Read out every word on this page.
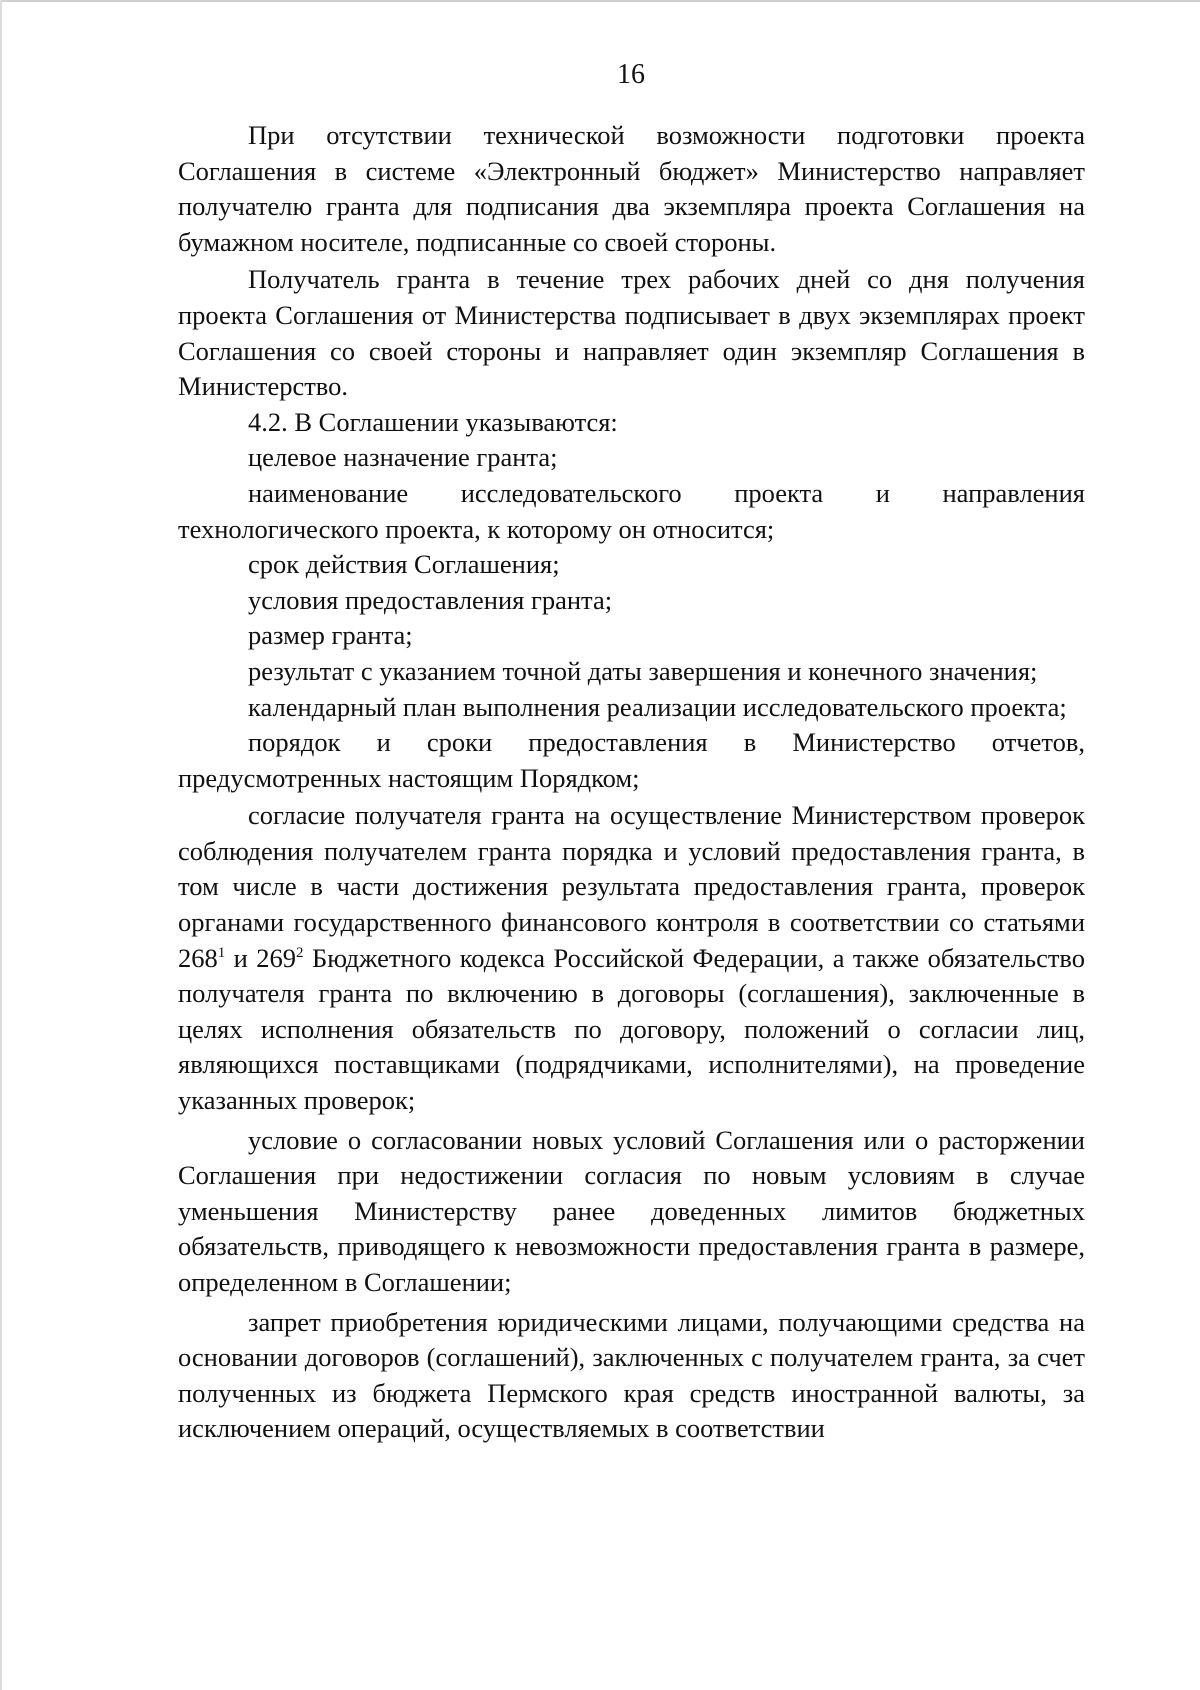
16

При отсутствии технической возможности подготовки проекта Соглашения в системе «Электронный бюджет» Министерство направляет получателю гранта для подписания два экземпляра проекта Соглашения на бумажном носителе, подписанные со своей стороны.

Получатель гранта в течение трех рабочих дней со дня получения проекта Соглашения от Министерства подписывает в двух экземплярах проект Соглашения со своей стороны и направляет один экземпляр Соглашения в Министерство.

4.2. В Соглашении указываются:

целевое назначение гранта;

наименование исследовательского проекта и направления технологического проекта, к которому он относится;

срок действия Соглашения;

условия предоставления гранта;

размер гранта;

результат с указанием точной даты завершения и конечного значения;

календарный план выполнения реализации исследовательского проекта;

порядок и сроки предоставления в Министерство отчетов, предусмотренных настоящим Порядком;

согласие получателя гранта на осуществление Министерством проверок соблюдения получателем гранта порядка и условий предоставления гранта, в том числе в части достижения результата предоставления гранта, проверок органами государственного финансового контроля в соответствии со статьями $268^1$ и $269^2$ Бюджетного кодекса Российской Федерации, а также обязательство получателя гранта по включению в договоры (соглашения), заключенные в целях исполнения обязательств по договору, положений о согласии лиц, являющихся поставщиками (подрядчиками, исполнителями), на проведение указанных проверок;

условие о согласовании новых условий Соглашения или о расторжении Соглашения при недостижении согласия по новым условиям в случае уменьшения Министерству ранее доведенных лимитов бюджетных обязательств, приводящего к невозможности предоставления гранта в размере, определенном в Соглашении;

запрет приобретения юридическими лицами, получающими средства на основании договоров (соглашений), заключенных с получателем гранта, за счет полученных из бюджета Пермского края средств иностранной валюты, за исключением операций, осуществляемых в соответствии
